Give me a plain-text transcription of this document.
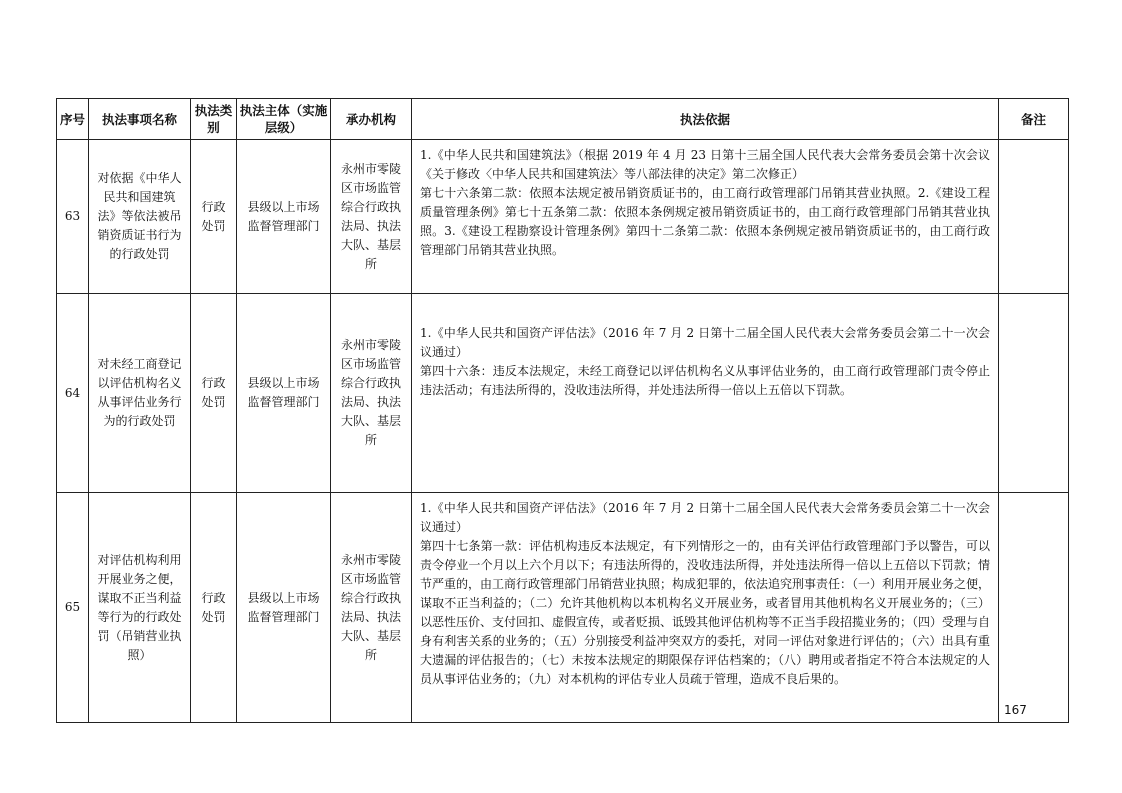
序号	执法事项名称	执法类别	执法主体（实施层级）	承办机构	执法依据	备注
63	对依据《中华人民共和国建筑法》等依法被吊销资质证书行为的行政处罚	行政处罚	县级以上市场监督管理部门	永州市零陵区市场监管综合行政执法局、执法大队、基层所	1.《中华人民共和国建筑法》（根据 2019 年 4 月 23 日第十三届全国人民代表大会常务委员会第十次会议《关于修改〈中华人民共和国建筑法〉等八部法律的决定》第二次修正）

第七十六条第二款：依照本法规定被吊销资质证书的，由工商行政管理部门吊销其营业执照。2.《建设工程质量管理条例》第七十五条第二款：依照本条例规定被吊销资质证书的，由工商行政管理部门吊销其营业执照。3.《建设工程勘察设计管理条例》第四十二条第二款：依照本条例规定被吊销资质证书的，由工商行政管理部门吊销其营业执照。	

64	对未经工商登记以评估机构名义从事评估业务行为的行政处罚	行政处罚	县级以上市场监督管理部门	永州市零陵区市场监管综合行政执法局、执法大队、基层所	1.《中华人民共和国资产评估法》（2016 年 7 月 2 日第十二届全国人民代表大会常务委员会第二十一次会议通过）

第四十六条：违反本法规定，未经工商登记以评估机构名义从事评估业务的，由工商行政管理部门责令停止违法活动；有违法所得的，没收违法所得，并处违法所得一倍以上五倍以下罚款。	

65	对评估机构利用开展业务之便，谋取不正当利益等行为的行政处罚（吊销营业执照）	行政处罚	县级以上市场监督管理部门	永州市零陵区市场监管综合行政执法局、执法大队、基层所	1.《中华人民共和国资产评估法》（2016 年 7 月 2 日第十二届全国人民代表大会常务委员会第二十一次会议通过）

第四十七条第一款：评估机构违反本法规定，有下列情形之一的，由有关评估行政管理部门予以警告，可以责令停业一个月以上六个月以下；有违法所得的，没收违法所得，并处违法所得一倍以上五倍以下罚款；情节严重的，由工商行政管理部门吊销营业执照；构成犯罪的，依法追究刑事责任：（一）利用开展业务之便，谋取不正当利益的；（二）允许其他机构以本机构名义开展业务，或者冒用其他机构名义开展业务的；（三）以恶性压价、支付回扣、虚假宣传，或者贬损、诋毁其他评估机构等不正当手段招揽业务的；（四）受理与自身有利害关系的业务的；（五）分别接受利益冲突双方的委托，对同一评估对象进行评估的；（六）出具有重大遗漏的评估报告的；（七）未按本法规定的期限保存评估档案的；（八）聘用或者指定不符合本法规定的人员从事评估业务的；（九）对本机构的评估专业人员疏于管理，造成不良后果的。	

167
